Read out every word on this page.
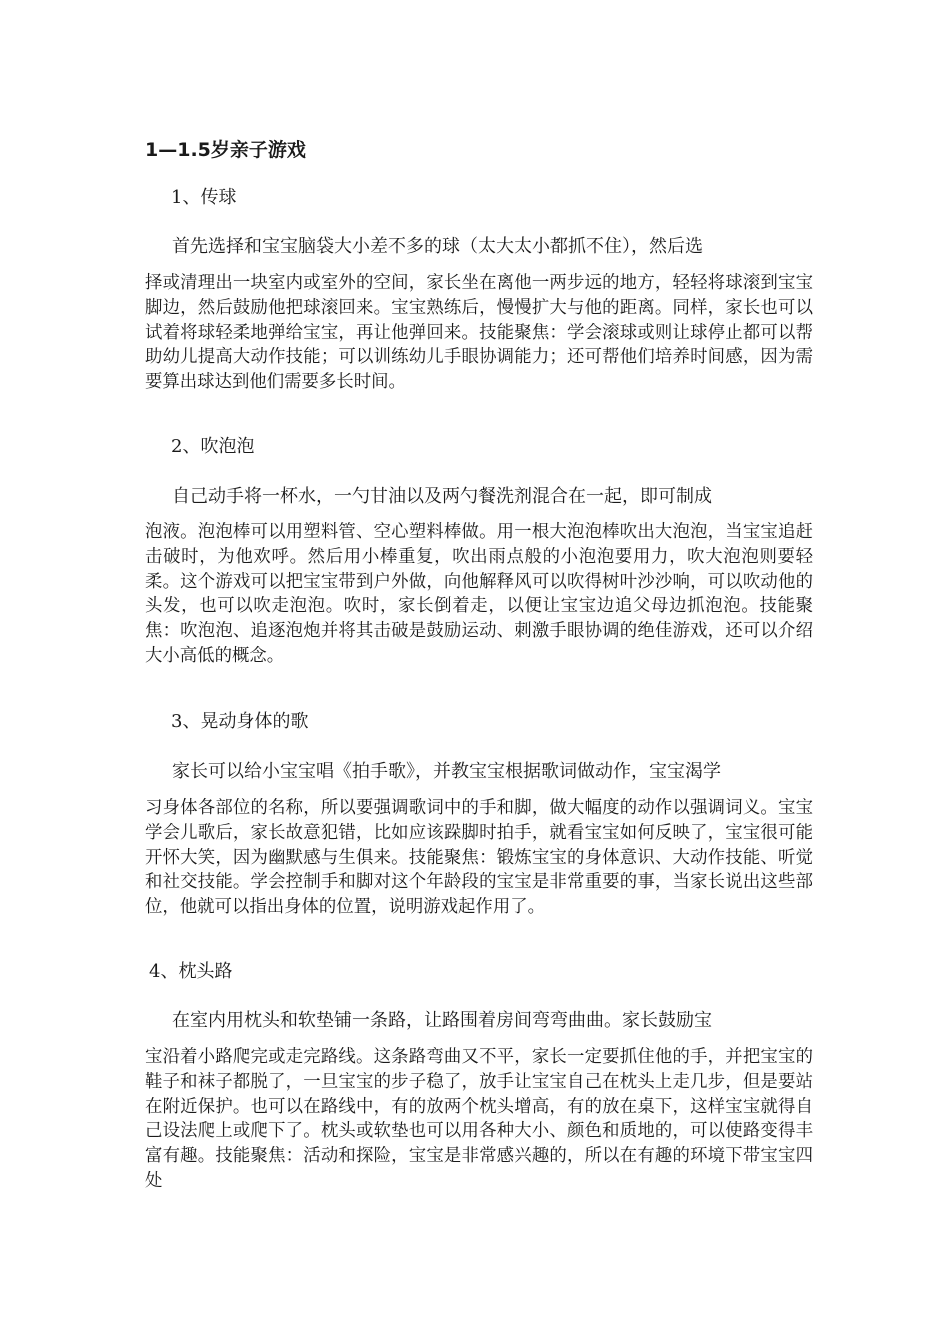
1—1.5岁亲子游戏
1、传球
首先选择和宝宝脑袋大小差不多的球（太大太小都抓不住），然后选
择或清理出一块室内或室外的空间，家长坐在离他一两步远的地方，轻轻将球滚到宝宝脚边，然后鼓励他把球滚回来。宝宝熟练后，慢慢扩大与他的距离。同样，家长也可以试着将球轻柔地弹给宝宝，再让他弹回来。技能聚焦：学会滚球或则让球停止都可以帮助幼儿提高大动作技能；可以训练幼儿手眼协调能力；还可帮他们培养时间感，因为需要算出球达到他们需要多长时间。
2、吹泡泡
自己动手将一杯水，一勺甘油以及两勺餐洗剂混合在一起，即可制成
泡液。泡泡棒可以用塑料管、空心塑料棒做。用一根大泡泡棒吹出大泡泡，当宝宝追赶击破时，为他欢呼。然后用小棒重复，吹出雨点般的小泡泡要用力，吹大泡泡则要轻柔。这个游戏可以把宝宝带到户外做，向他解释风可以吹得树叶沙沙响，可以吹动他的头发，也可以吹走泡泡。吹时，家长倒着走，以便让宝宝边追父母边抓泡泡。技能聚焦：吹泡泡、追逐泡炮并将其击破是鼓励运动、刺激手眼协调的绝佳游戏，还可以介绍大小高低的概念。
3、晃动身体的歌
家长可以给小宝宝唱《拍手歌》，并教宝宝根据歌词做动作，宝宝渴学
习身体各部位的名称，所以要强调歌词中的手和脚，做大幅度的动作以强调词义。宝宝学会儿歌后，家长故意犯错，比如应该跺脚时拍手，就看宝宝如何反映了，宝宝很可能开怀大笑，因为幽默感与生俱来。技能聚焦：锻炼宝宝的身体意识、大动作技能、听觉和社交技能。学会控制手和脚对这个年龄段的宝宝是非常重要的事，当家长说出这些部位，他就可以指出身体的位置，说明游戏起作用了。
4、枕头路
在室内用枕头和软垫铺一条路，让路围着房间弯弯曲曲。家长鼓励宝
宝沿着小路爬完或走完路线。这条路弯曲又不平，家长一定要抓住他的手，并把宝宝的鞋子和袜子都脱了，一旦宝宝的步子稳了，放手让宝宝自己在枕头上走几步，但是要站在附近保护。也可以在路线中，有的放两个枕头增高，有的放在桌下，这样宝宝就得自己设法爬上或爬下了。枕头或软垫也可以用各种大小、颜色和质地的，可以使路变得丰富有趣。技能聚焦：活动和探险，宝宝是非常感兴趣的，所以在有趣的环境下带宝宝四处
